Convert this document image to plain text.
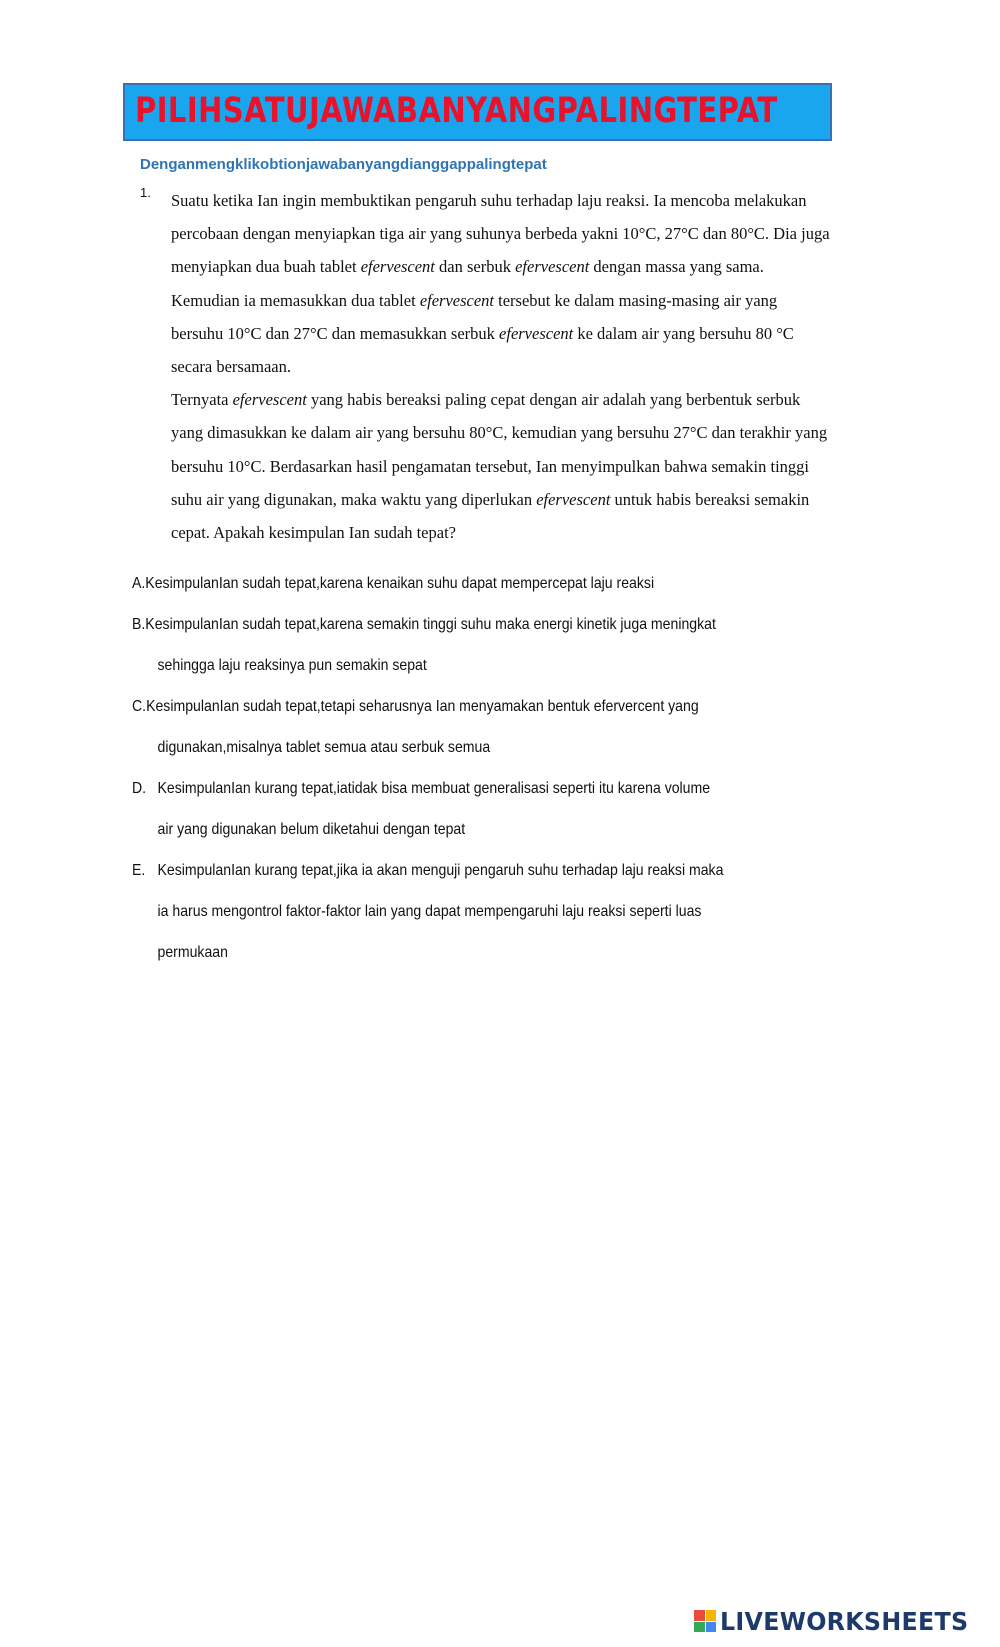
PILIHSATUJAWABANYANGPALINGTEPAT

Denganmengklikobtionjawabanyangdianggappalingtepat

1. Suatu ketika Ian ingin membuktikan pengaruh suhu terhadap laju reaksi. Ia mencoba melakukan
percobaan dengan menyiapkan tiga air yang suhunya berbeda yakni 10°C, 27°C dan 80°C. Dia juga
menyiapkan dua buah tablet efervescent dan serbuk efervescent dengan massa yang sama.
Kemudian ia memasukkan dua tablet efervescent tersebut ke dalam masing-masing air yang
bersuhu 10°C dan 27°C dan memasukkan serbuk efervescent ke dalam air yang bersuhu 80 °C
secara bersamaan.
Ternyata efervescent yang habis bereaksi paling cepat dengan air adalah yang berbentuk serbuk
yang dimasukkan ke dalam air yang bersuhu 80°C, kemudian yang bersuhu 27°C dan terakhir yang
bersuhu 10°C. Berdasarkan hasil pengamatan tersebut, Ian menyimpulkan bahwa semakin tinggi
suhu air yang digunakan, maka waktu yang diperlukan efervescent untuk habis bereaksi semakin
cepat. Apakah kesimpulan Ian sudah tepat?
A.KesimpulanIan sudah tepat,karena kenaikan suhu dapat mempercepat laju reaksi
B.KesimpulanIan sudah tepat,karena semakin tinggi suhu maka energi kinetik juga meningkat
sehingga laju reaksinya pun semakin sepat
C.KesimpulanIan sudah tepat,tetapi seharusnya Ian menyamakan bentuk efervercent yang
digunakan,misalnya tablet semua atau serbuk semua
D. KesimpulanIan kurang tepat,iatidak bisa membuat generalisasi seperti itu karena volume
air yang digunakan belum diketahui dengan tepat
E. KesimpulanIan kurang tepat,jika ia akan menguji pengaruh suhu terhadap laju reaksi maka
ia harus mengontrol faktor-faktor lain yang dapat mempengaruhi laju reaksi seperti luas
permukaan
LIVEWORKSHEETS
